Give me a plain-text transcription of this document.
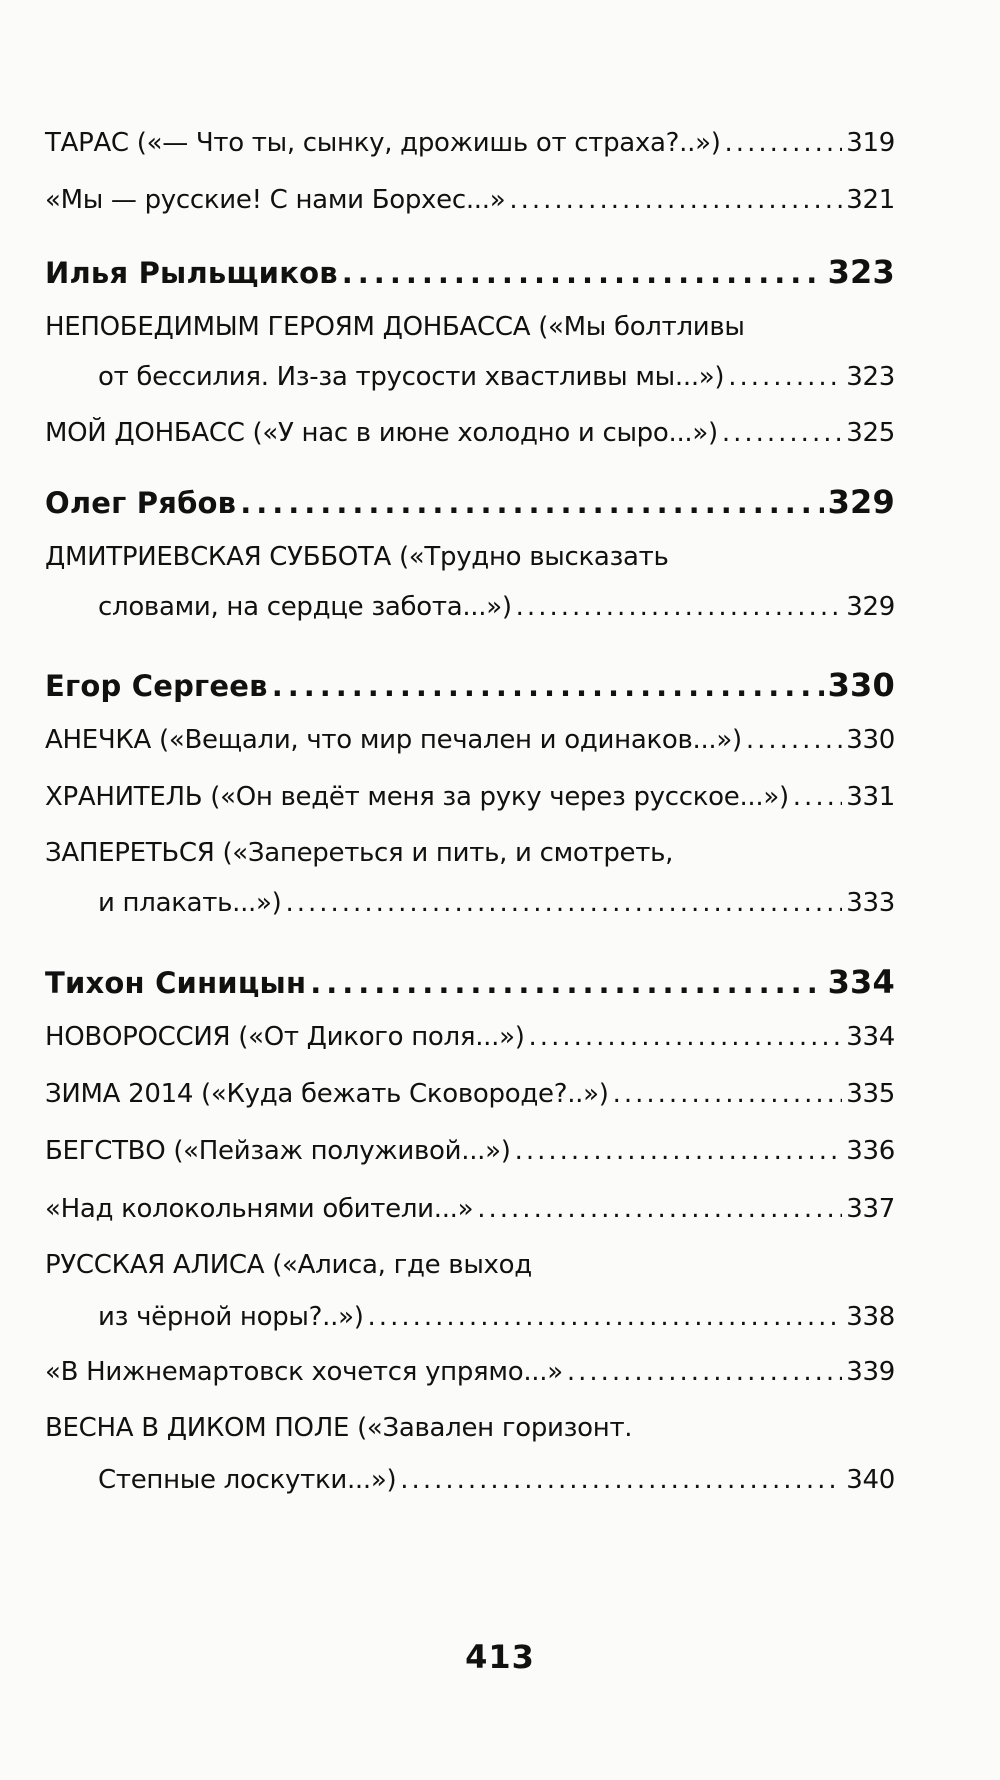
ТАРАС («— Что ты, сынку, дрожишь от страха?..») .....	319
«Мы — русские! С нами Борхес...» .....	321
Илья Рыльщиков .....	323
НЕПОБЕДИМЫМ ГЕРОЯМ ДОНБАССА («Мы болтливы
от бессилия. Из-за трусости хвастливы мы...») .....	323
МОЙ ДОНБАСС («У нас в июне холодно и сыро...») .....	325
Олег Рябов .....	329
ДМИТРИЕВСКАЯ СУББОТА («Трудно высказать
словами, на сердце забота...») .....	329
Егор Сергеев .....	330
АНЕЧКА («Вещали, что мир печален и одинаков...») .....	330
ХРАНИТЕЛЬ («Он ведёт меня за руку через русское...») ..... 331
ЗАПЕРЕТЬСЯ («Запереться и пить, и смотреть,
и плакать...») .....	333
Тихон Синицын .....	334
НОВОРОССИЯ («От Дикого поля...») .....	334
ЗИМА 2014 («Куда бежать Сковороде?..») .....	335
БЕГСТВО («Пейзаж полуживой...») .....	336
«Над колокольнями обители...» .....	337
РУССКАЯ АЛИСА («Алиса, где выход
из чёрной норы?..») .....	338
«В Нижнемартовск хочется упрямо...» .....	339
ВЕСНА В ДИКОМ ПОЛЕ («Завален горизонт.
Степные лоскутки...») .....	340
413
